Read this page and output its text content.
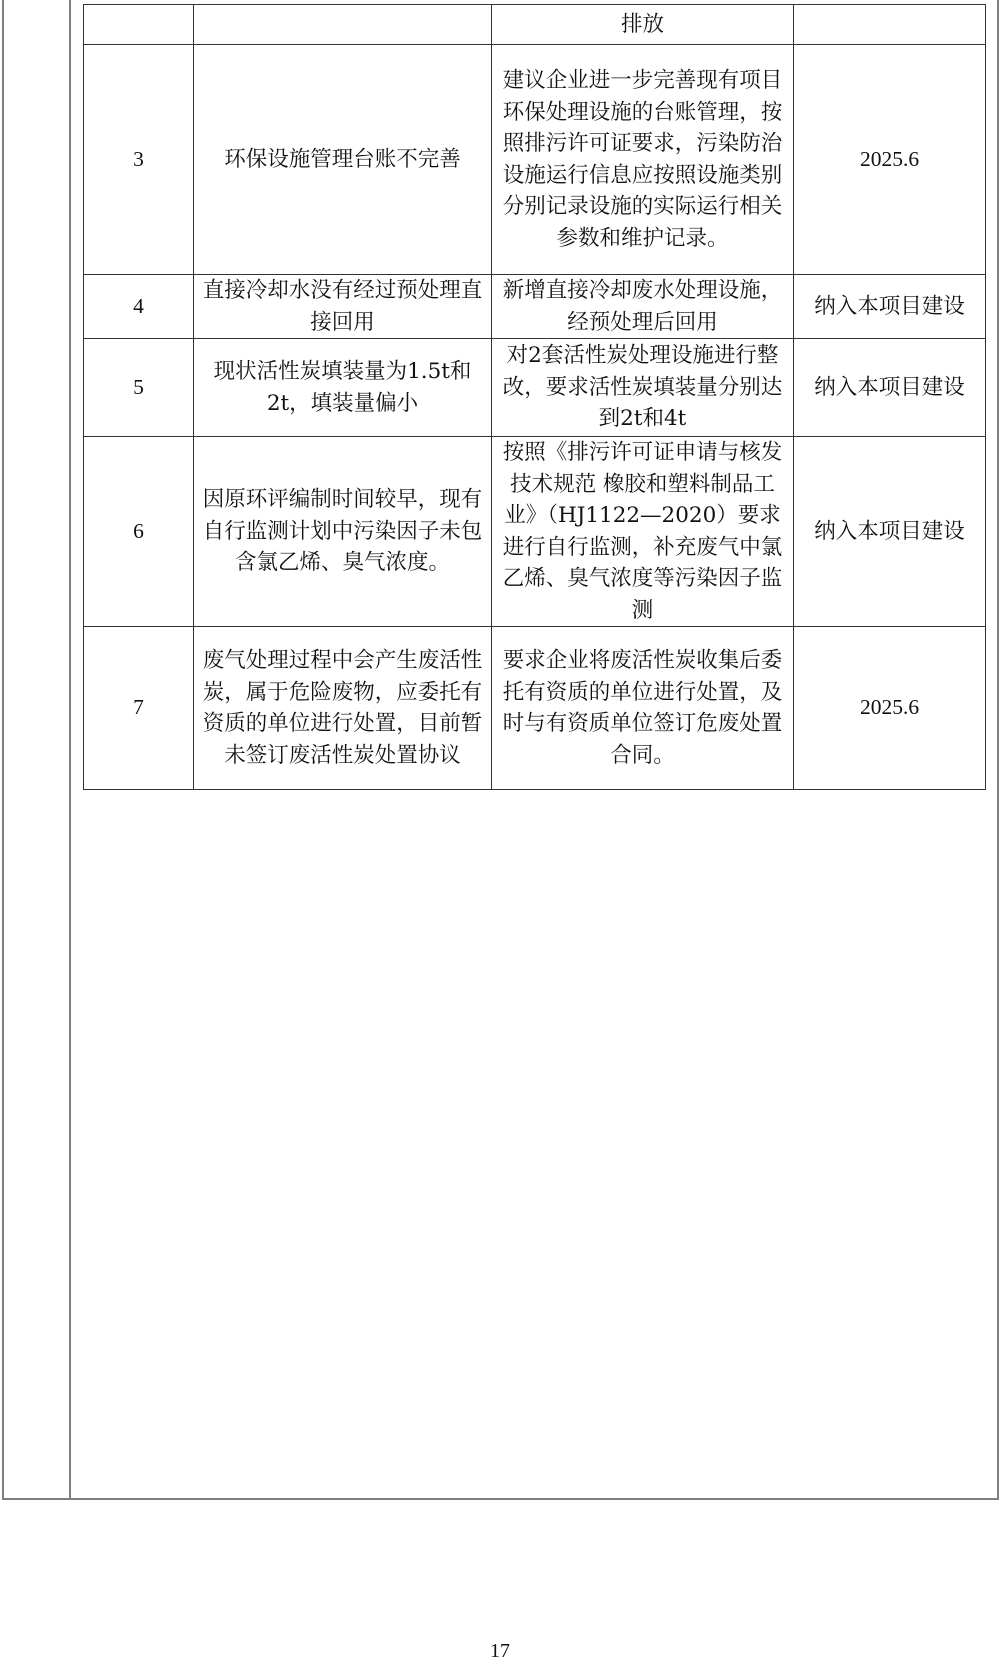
		排放	
3	环保设施管理台账不完善	建议企业进一步完善现有项目环保处理设施的台账管理，按照排污许可证要求，污染防治设施运行信息应按照设施类别分别记录设施的实际运行相关参数和维护记录。	2025.6
4	直接冷却水没有经过预处理直接回用	新增直接冷却废水处理设施，经预处理后回用	纳入本项目建设
5	现状活性炭填装量为1.5t和2t，填装量偏小	对2套活性炭处理设施进行整改，要求活性炭填装量分别达到2t和4t	纳入本项目建设
6	因原环评编制时间较早，现有自行监测计划中污染因子未包含氯乙烯、臭气浓度。	按照《排污许可证申请与核发技术规范 橡胶和塑料制品工业》（HJ1122—2020）要求进行自行监测，补充废气中氯乙烯、臭气浓度等污染因子监测	纳入本项目建设
7	废气处理过程中会产生废活性炭，属于危险废物，应委托有资质的单位进行处置，目前暂未签订废活性炭处置协议	要求企业将废活性炭收集后委托有资质的单位进行处置，及时与有资质单位签订危废处置合同。	2025.6
17
